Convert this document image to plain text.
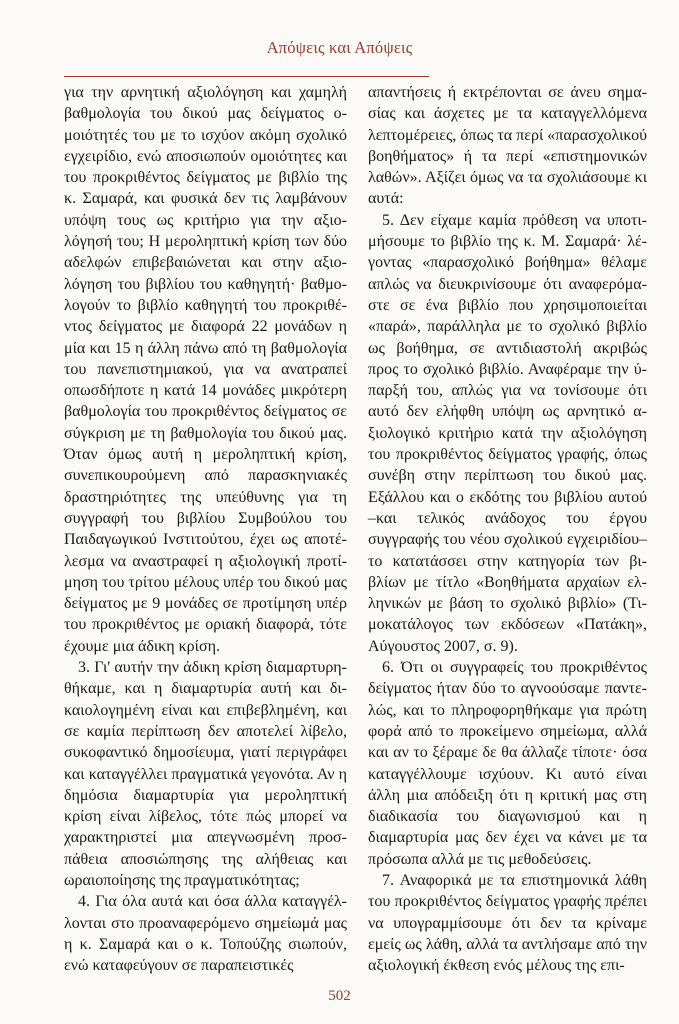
Απόψεις και Απόψεις

για την αρνητική αξιολόγηση και χαμηλή βαθμολογία του δικού μας δείγματος ομοιότητές του με το ισχύον ακόμη σχολικό εγχειρίδιο, ενώ αποσιωπούν ομοιότητες και του προκριθέντος δείγματος με βιβλίο της κ. Σαμαρά, και φυσικά δεν τις λαμβάνουν υπόψη τους ως κριτήριο για την αξιολόγησή του; Η μεροληπτική κρίση των δύο αδελφών επιβεβαιώνεται και στην αξιολόγηση του βιβλίου του καθηγητή· βαθμολογούν το βιβλίο καθηγητή του προκριθέντος δείγματος με διαφορά 22 μονάδων η μία και 15 η άλλη πάνω από τη βαθμολογία του πανεπιστημιακού, για να ανατραπεί οπωσδήποτε η κατά 14 μονάδες μικρότερη βαθμολογία του προκριθέντος δείγματος σε σύγκριση με τη βαθμολογία του δικού μας. Όταν όμως αυτή η μεροληπτική κρίση, συνεπικουρούμενη από παρασκηνιακές δραστηριότητες της υπεύθυνης για τη συγγραφή του βιβλίου Συμβούλου του Παιδαγωγικού Ινστιτούτου, έχει ως αποτέλεσμα να αναστραφεί η αξιολογική προτίμηση του τρίτου μέλους υπέρ του δικού μας δείγματος με 9 μονάδες σε προτίμηση υπέρ του προκριθέντος με οριακή διαφορά, τότε έχουμε μια άδικη κρίση.

3. Γι' αυτήν την άδικη κρίση διαμαρτυρηθήκαμε, και η διαμαρτυρία αυτή και δικαιολογημένη είναι και επιβεβλημένη, και σε καμία περίπτωση δεν αποτελεί λίβελο, συκοφαντικό δημοσίευμα, γιατί περιγράφει και καταγγέλλει πραγματικά γεγονότα. Αν η δημόσια διαμαρτυρία για μεροληπτική κρίση είναι λίβελος, τότε πώς μπορεί να χαρακτηριστεί μια απεγνωσμένη προσπάθεια αποσιώπησης της αλήθειας και ωραιοποίησης της πραγματικότητας;

4. Για όλα αυτά και όσα άλλα καταγγέλλονται στο προαναφερόμενο σημείωμά μας η κ. Σαμαρά και ο κ. Τοπούζης σιωπούν, ενώ καταφεύγουν σε παραπειστικές

απαντήσεις ή εκτρέπονται σε άνευ σημασίας και άσχετες με τα καταγγελλόμενα λεπτομέρειες, όπως τα περί «παρασχολικού βοηθήματος» ή τα περί «επιστημονικών λαθών». Αξίζει όμως να τα σχολιάσουμε κι αυτά:

5. Δεν είχαμε καμία πρόθεση να υποτιμήσουμε το βιβλίο της κ. Μ. Σαμαρά· λέγοντας «παρασχολικό βοήθημα» θέλαμε απλώς να διευκρινίσουμε ότι αναφερόμαστε σε ένα βιβλίο που χρησιμοποιείται «παρά», παράλληλα με το σχολικό βιβλίο ως βοήθημα, σε αντιδιαστολή ακριβώς προς το σχολικό βιβλίο. Αναφέραμε την ύπαρξή του, απλώς για να τονίσουμε ότι αυτό δεν ελήφθη υπόψη ως αρνητικό αξιολογικό κριτήριο κατά την αξιολόγηση του προκριθέντος δείγματος γραφής, όπως συνέβη στην περίπτωση του δικού μας. Εξάλλου και ο εκδότης του βιβλίου αυτού –και τελικός ανάδοχος του έργου συγγραφής του νέου σχολικού εγχειριδίου– το κατατάσσει στην κατηγορία των βιβλίων με τίτλο «Βοηθήματα αρχαίων ελληνικών με βάση το σχολικό βιβλίο» (Τιμοκατάλογος των εκδόσεων «Πατάκη», Αύγουστος 2007, σ. 9).

6. Ότι οι συγγραφείς του προκριθέντος δείγματος ήταν δύο το αγνοούσαμε παντελώς, και το πληροφορηθήκαμε για πρώτη φορά από το προκείμενο σημείωμα, αλλά και αν το ξέραμε δε θα άλλαζε τίποτε· όσα καταγγέλλουμε ισχύουν. Κι αυτό είναι άλλη μια απόδειξη ότι η κριτική μας στη διαδικασία του διαγωνισμού και η διαμαρτυρία μας δεν έχει να κάνει με τα πρόσωπα αλλά με τις μεθοδεύσεις.

7. Αναφορικά με τα επιστημονικά λάθη του προκριθέντος δείγματος γραφής πρέπει να υπογραμμίσουμε ότι δεν τα κρίναμε εμείς ως λάθη, αλλά τα αντλήσαμε από την αξιολογική έκθεση ενός μέλους της επι-

502
